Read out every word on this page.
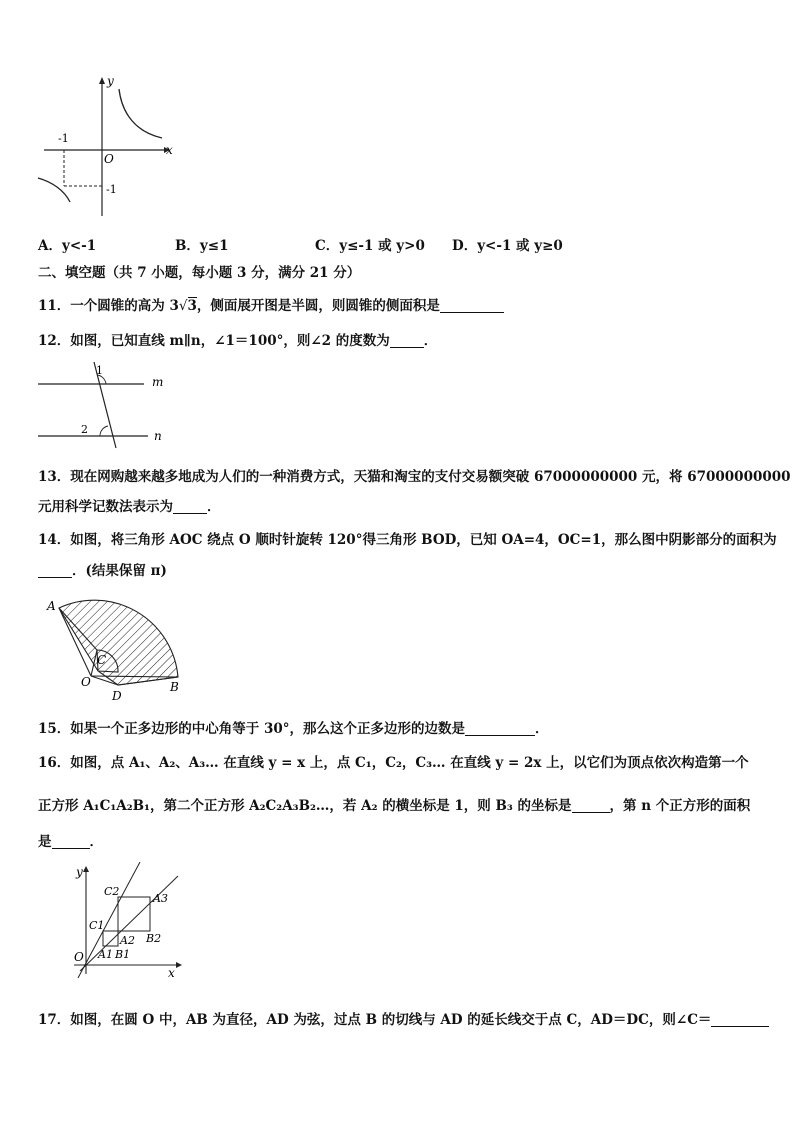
y
x
O
-1
-1
A．y<-1	B．y≤1	C．y≤-1 或 y>0 D．y<-1 或 y≥0
二、填空题（共 7 小题，每小题 3 分，满分 21 分）
11．一个圆锥的高为 3√3，侧面展开图是半圆，则圆锥的侧面积是
12．如图，已知直线 m∥n，∠1＝100°，则∠2 的度数为	．
1
2
m
n
13．现在网购越来越多地成为人们的一种消费方式，天猫和淘宝的支付交易额突破 67000000000 元，将 67000000000
元用科学记数法表示为	．
14．如图，将三角形 AOC 绕点 O 顺时针旋转 120°得三角形 BOD，已知 OA=4，OC=1，那么图中阴影部分的面积为
．(结果保留 π)
A
C
O
D
B
15．如果一个正多边形的中心角等于 30°，那么这个正多边形的边数是	．
16．如图，点 A₁、A₂、A₃… 在直线 y = x 上，点 C₁，C₂，C₃… 在直线 y = 2x 上，以它们为顶点依次构造第一个
正方形 A₁C₁A₂B₁，第二个正方形 A₂C₂A₃B₂…，若 A₂ 的横坐标是 1，则 B₃ 的坐标是	，第 n 个正方形的面积
是	．
y
x
O
C2
A3
C1
A2 B2
A1 B1
17．如图，在圆 O 中，AB 为直径，AD 为弦，过点 B 的切线与 AD 的延长线交于点 C，AD＝DC，则∠C＝
